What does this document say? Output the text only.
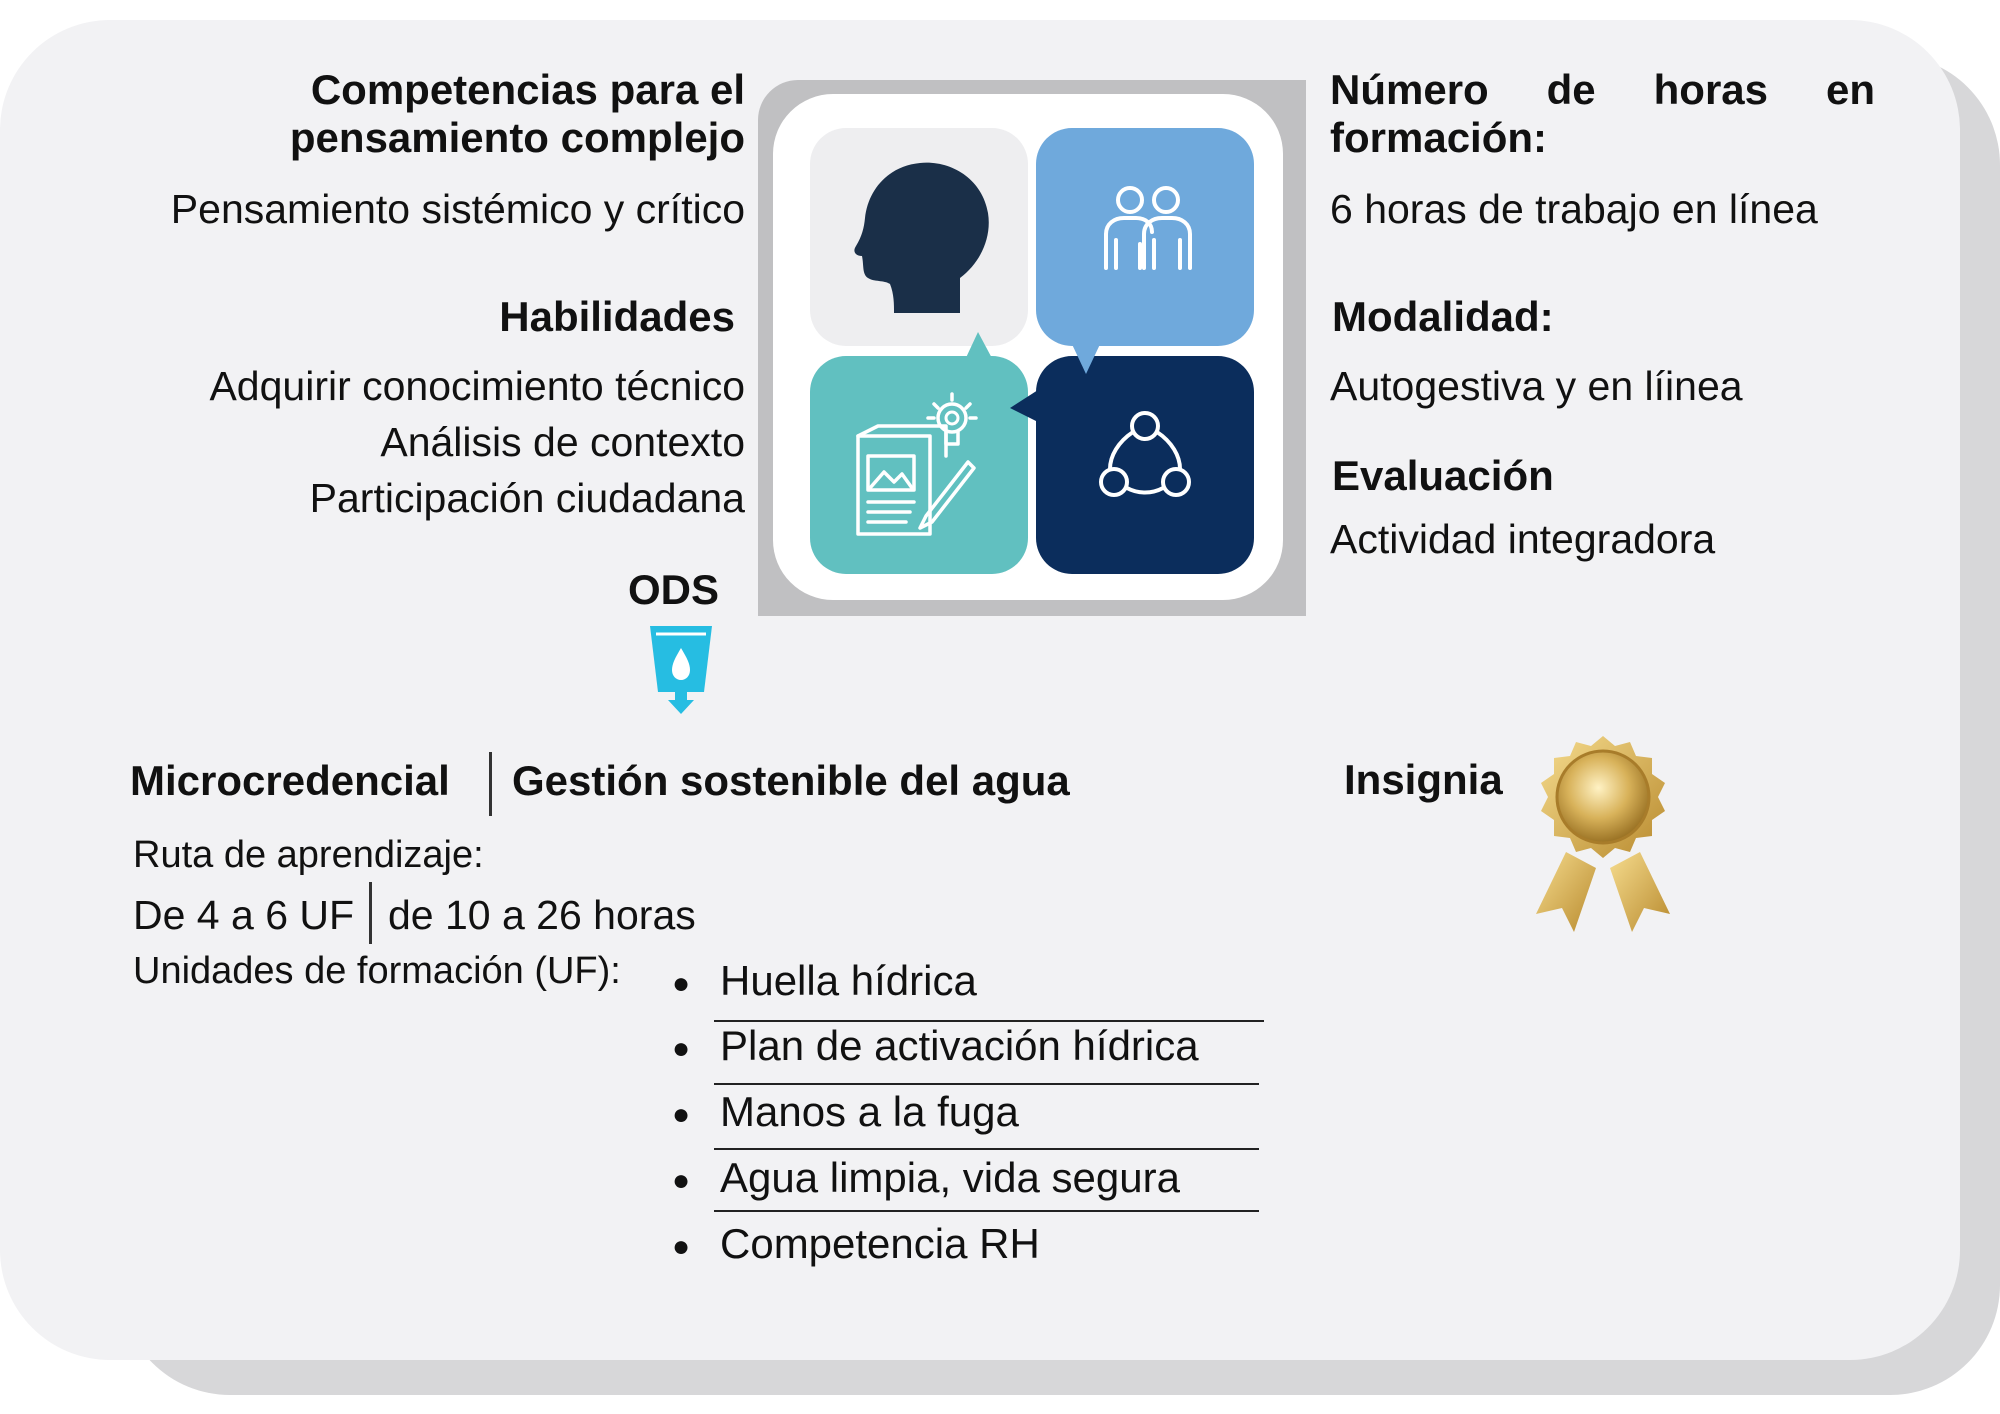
Competencias para el
pensamiento complejo
Pensamiento sistémico y crítico
Habilidades
Adquirir conocimiento técnico
Análisis de contexto
Participación ciudadana
Número de horas en
formación:
6 horas de trabajo en línea
Modalidad:
Autogestiva y en líinea
Evaluación
Actividad integradora
ODS
Microcredencial Gestión sostenible del agua
Ruta de aprendizaje:
De 4 a 6 UF de 10 a 26 horas
Unidades de formación (UF): ● Huella hídrica
● Plan de activación hídrica
● Manos a la fuga
● Agua limpia, vida segura
● Competencia RH
Insignia
